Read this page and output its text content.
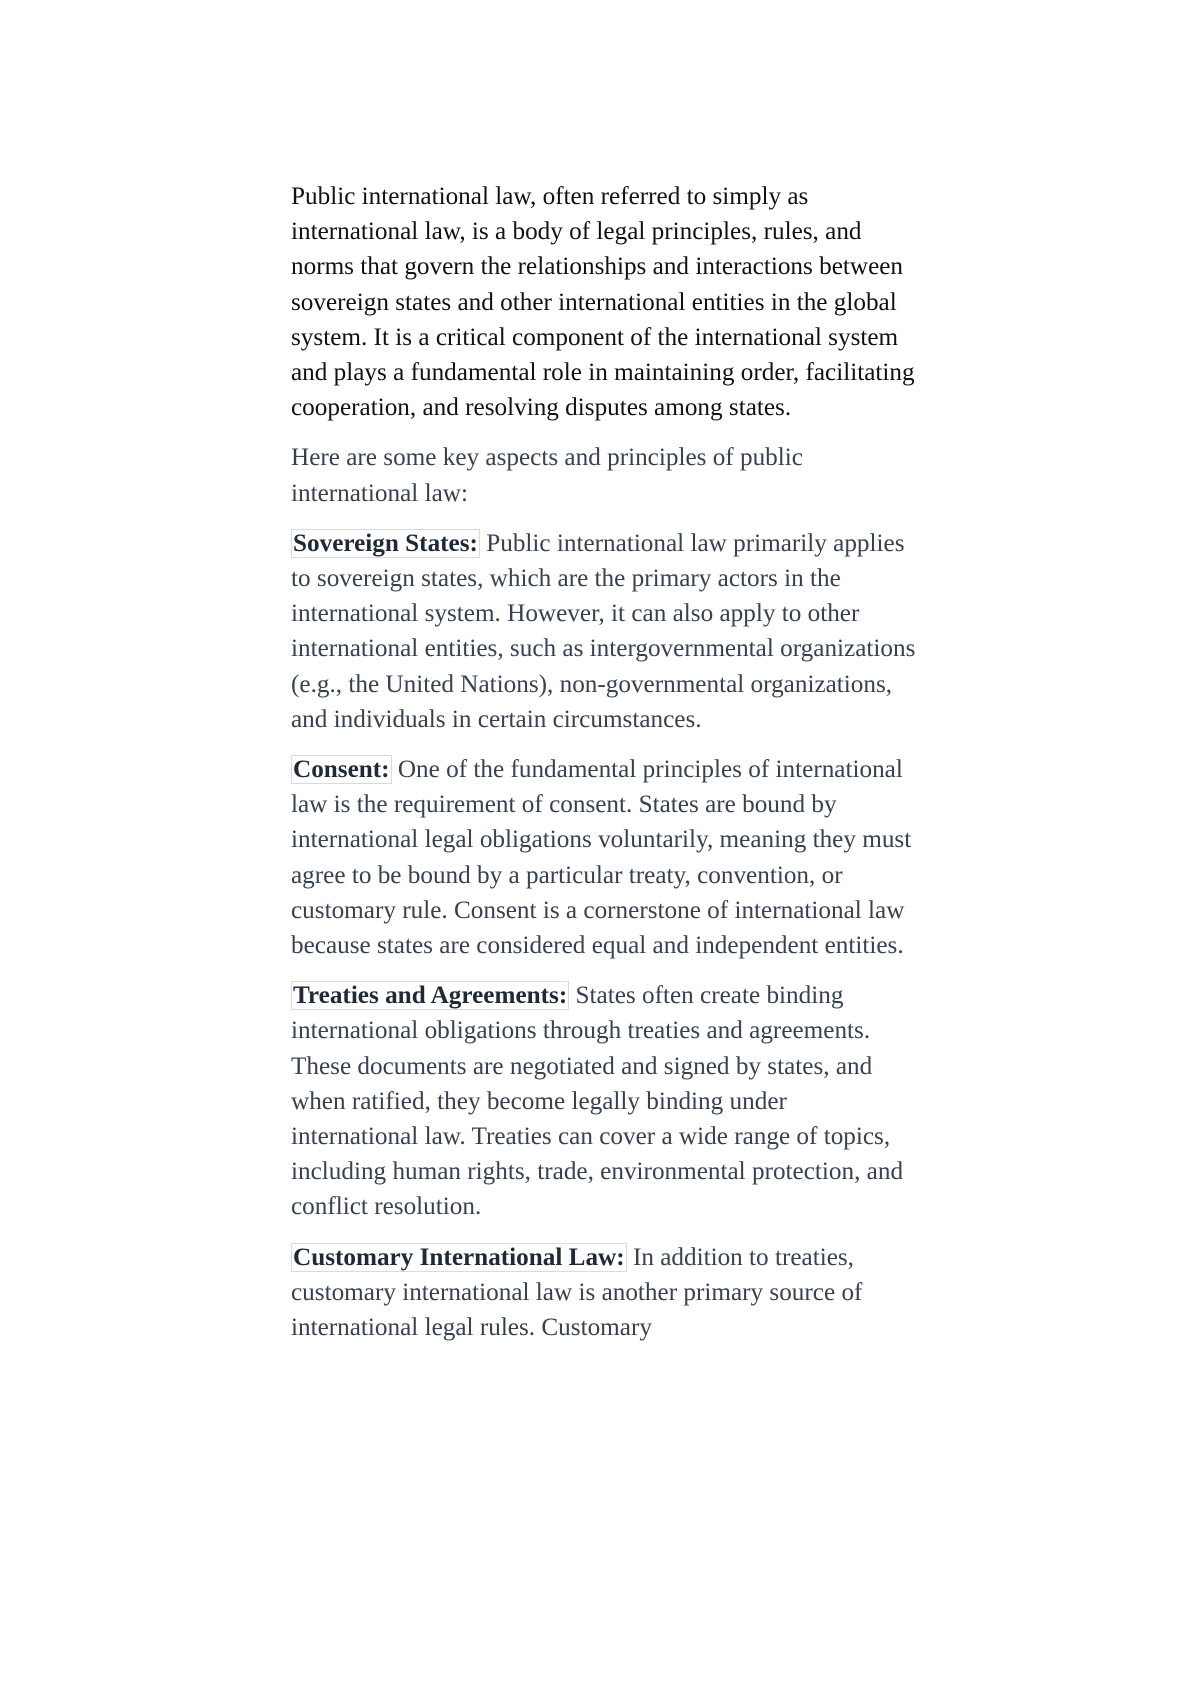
Public international law, often referred to simply as international law, is a body of legal principles, rules, and norms that govern the relationships and interactions between sovereign states and other international entities in the global system. It is a critical component of the international system and plays a fundamental role in maintaining order, facilitating cooperation, and resolving disputes among states.

Here are some key aspects and principles of public international law:

Sovereign States: Public international law primarily applies to sovereign states, which are the primary actors in the international system. However, it can also apply to other international entities, such as intergovernmental organizations (e.g., the United Nations), non-governmental organizations, and individuals in certain circumstances.

Consent: One of the fundamental principles of international law is the requirement of consent. States are bound by international legal obligations voluntarily, meaning they must agree to be bound by a particular treaty, convention, or customary rule. Consent is a cornerstone of international law because states are considered equal and independent entities.

Treaties and Agreements: States often create binding international obligations through treaties and agreements. These documents are negotiated and signed by states, and when ratified, they become legally binding under international law. Treaties can cover a wide range of topics, including human rights, trade, environmental protection, and conflict resolution.

Customary International Law: In addition to treaties, customary international law is another primary source of international legal rules. Customary
